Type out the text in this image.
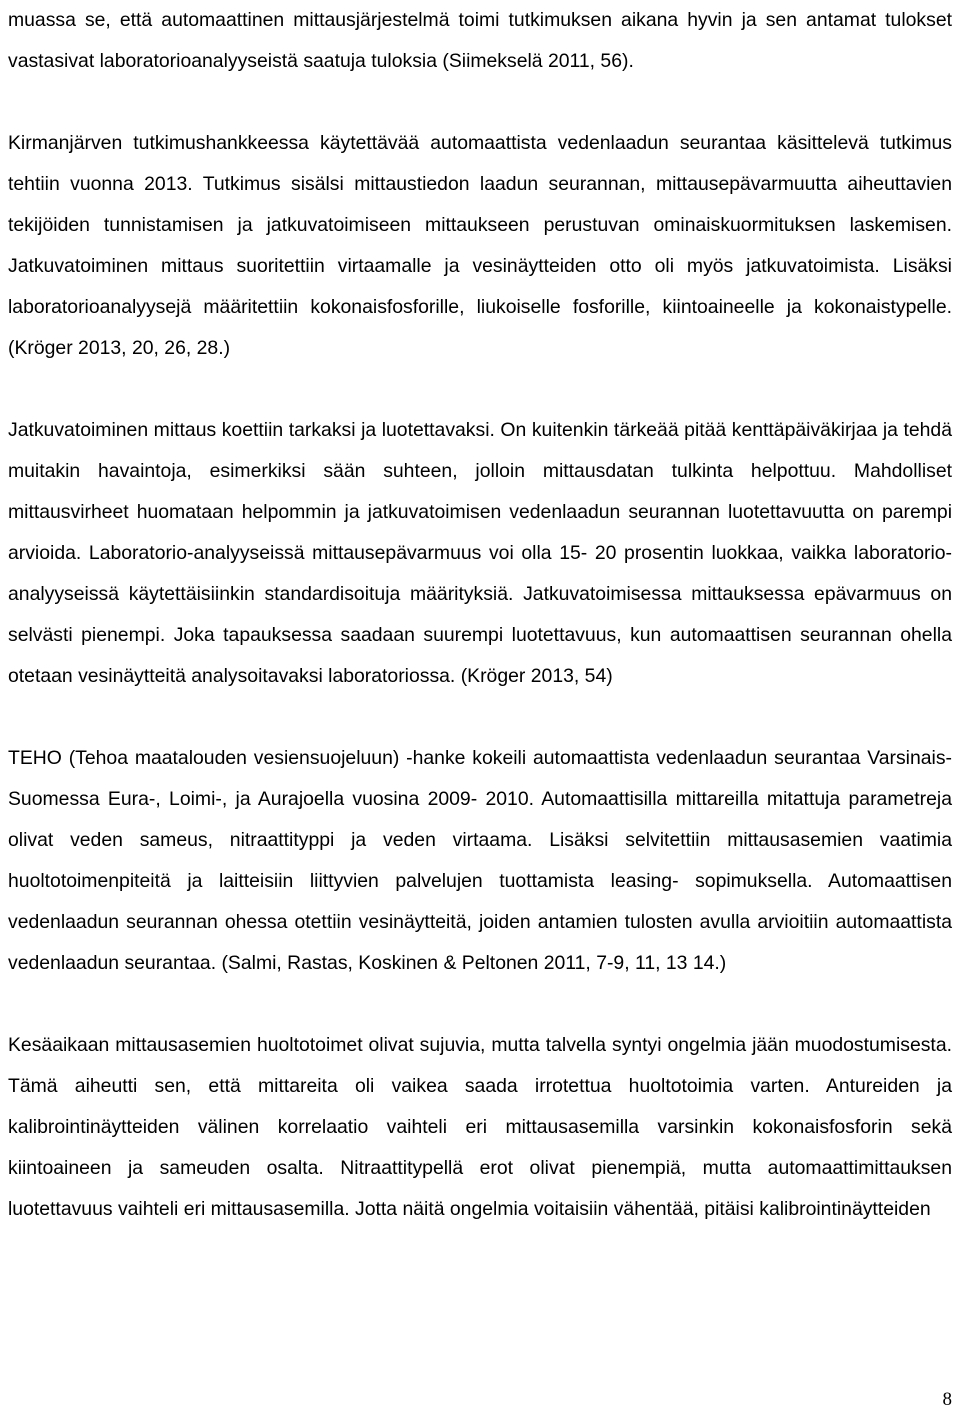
muassa se, että automaattinen mittausjärjestelmä toimi tutkimuksen aikana hyvin ja sen antamat tulokset vastasivat laboratorioanalyyseistä saatuja tuloksia (Siimekselä 2011, 56).

Kirmanjärven tutkimushankkeessa käytettävää automaattista vedenlaadun seurantaa käsittelevä tutkimus tehtiin vuonna 2013. Tutkimus sisälsi mittaustiedon laadun seurannan, mittausepävarmuutta aiheuttavien tekijöiden tunnistamisen ja jatkuvatoimiseen mittaukseen perustuvan ominaiskuormituksen laskemisen. Jatkuvatoiminen mittaus suoritettiin virtaamalle ja vesinäytteiden otto oli myös jatkuvatoimista. Lisäksi laboratorioanalyysejä määritettiin kokonaisfosforille, liukoiselle fosforille, kiintoaineelle ja kokonaistypelle. (Kröger 2013, 20, 26, 28.)

Jatkuvatoiminen mittaus koettiin tarkaksi ja luotettavaksi. On kuitenkin tärkeää pitää kenttäpäiväkirjaa ja tehdä muitakin havaintoja, esimerkiksi sään suhteen, jolloin mittausdatan tulkinta helpottuu. Mahdolliset mittausvirheet huomataan helpommin ja jatkuvatoimisen vedenlaadun seurannan luotettavuutta on parempi arvioida. Laboratorio-analyyseissä mittausepävarmuus voi olla 15- 20 prosentin luokkaa, vaikka laboratorio-analyyseissä käytettäisiinkin standardisoituja määrityksiä. Jatkuvatoimisessa mittauksessa epävarmuus on selvästi pienempi. Joka tapauksessa saadaan suurempi luotettavuus, kun automaattisen seurannan ohella otetaan vesinäytteitä analysoitavaksi laboratoriossa. (Kröger 2013, 54)

TEHO (Tehoa maatalouden vesiensuojeluun) -hanke kokeili automaattista vedenlaadun seurantaa Varsinais- Suomessa Eura-, Loimi-, ja Aurajoella vuosina 2009- 2010. Automaattisilla mittareilla mitattuja parametreja olivat veden sameus, nitraattityppi ja veden virtaama. Lisäksi selvitettiin mittausasemien vaatimia huoltotoimenpiteitä ja laitteisiin liittyvien palvelujen tuottamista leasing- sopimuksella. Automaattisen vedenlaadun seurannan ohessa otettiin vesinäytteitä, joiden antamien tulosten avulla arvioitiin automaattista vedenlaadun seurantaa. (Salmi, Rastas, Koskinen & Peltonen 2011, 7-9, 11, 13 14.)

Kesäaikaan mittausasemien huoltotoimet olivat sujuvia, mutta talvella syntyi ongelmia jään muodostumisesta. Tämä aiheutti sen, että mittareita oli vaikea saada irrotettua huoltotoimia varten. Antureiden ja kalibrointinäytteiden välinen korrelaatio vaihteli eri mittausasemilla varsinkin kokonaisfosforin sekä kiintoaineen ja sameuden osalta. Nitraattitypellä erot olivat pienempiä, mutta automaattimittauksen luotettavuus vaihteli eri mittausasemilla. Jotta näitä ongelmia voitaisiin vähentää, pitäisi kalibrointinäytteiden

8
